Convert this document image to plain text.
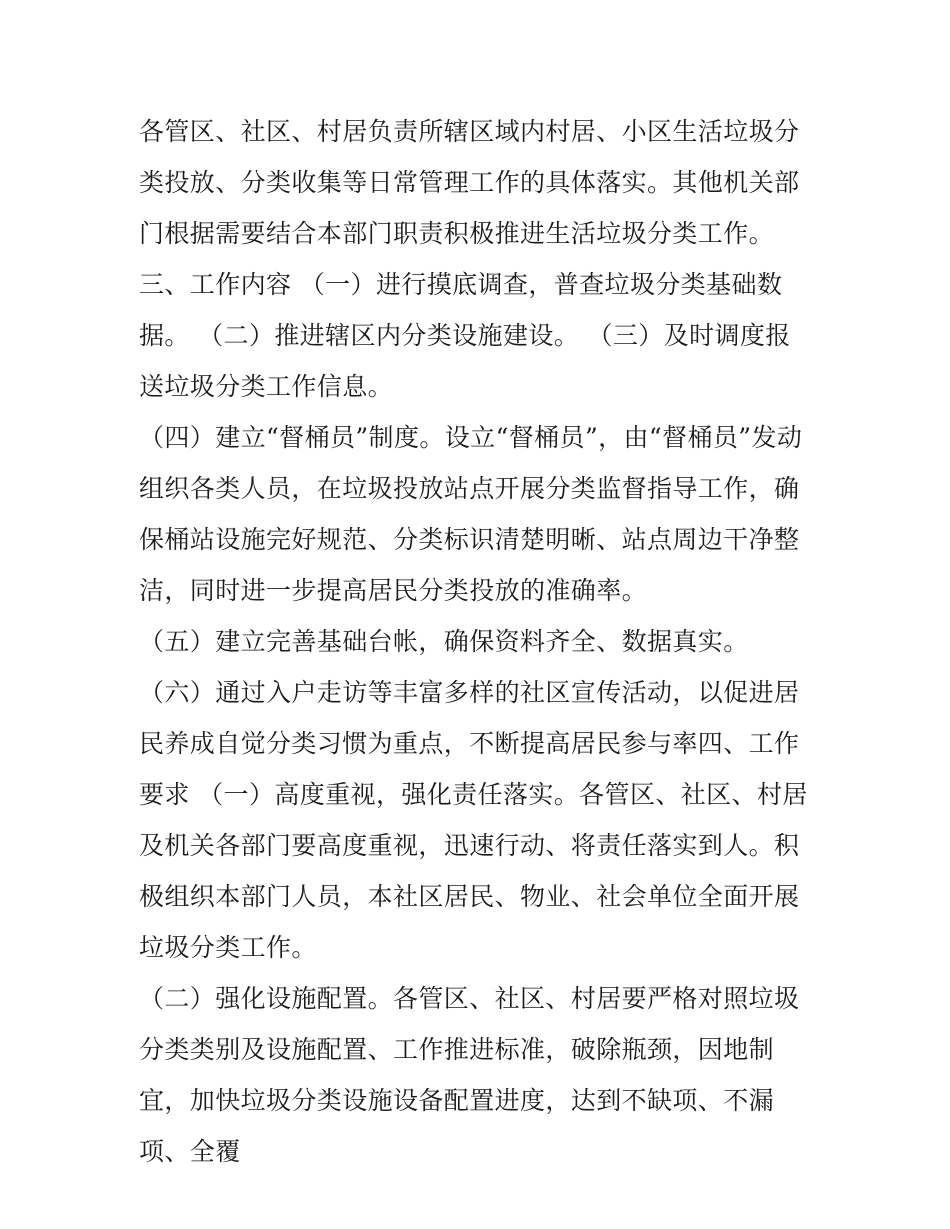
各管区、社区、村居负责所辖区域内村居、小区生活垃圾分类投放、分类收集等日常管理工作的具体落实。其他机关部门根据需要结合本部门职责积极推进生活垃圾分类工作。

三、工作内容 （一）进行摸底调查，普查垃圾分类基础数据。 （二）推进辖区内分类设施建设。 （三）及时调度报送垃圾分类工作信息。

（四）建立“督桶员”制度。设立“督桶员”，由“督桶员”发动组织各类人员，在垃圾投放站点开展分类监督指导工作，确保桶站设施完好规范、分类标识清楚明晰、站点周边干净整洁，同时进一步提高居民分类投放的准确率。

（五）建立完善基础台帐，确保资料齐全、数据真实。

（六）通过入户走访等丰富多样的社区宣传活动，以促进居民养成自觉分类习惯为重点，不断提高居民参与率四、工作要求 （一）高度重视，强化责任落实。各管区、社区、村居及机关各部门要高度重视，迅速行动、将责任落实到人。积极组织本部门人员，本社区居民、物业、社会单位全面开展垃圾分类工作。

（二）强化设施配置。各管区、社区、村居要严格对照垃圾分类类别及设施配置、工作推进标准，破除瓶颈，因地制宜，加快垃圾分类设施设备配置进度，达到不缺项、不漏项、全覆
